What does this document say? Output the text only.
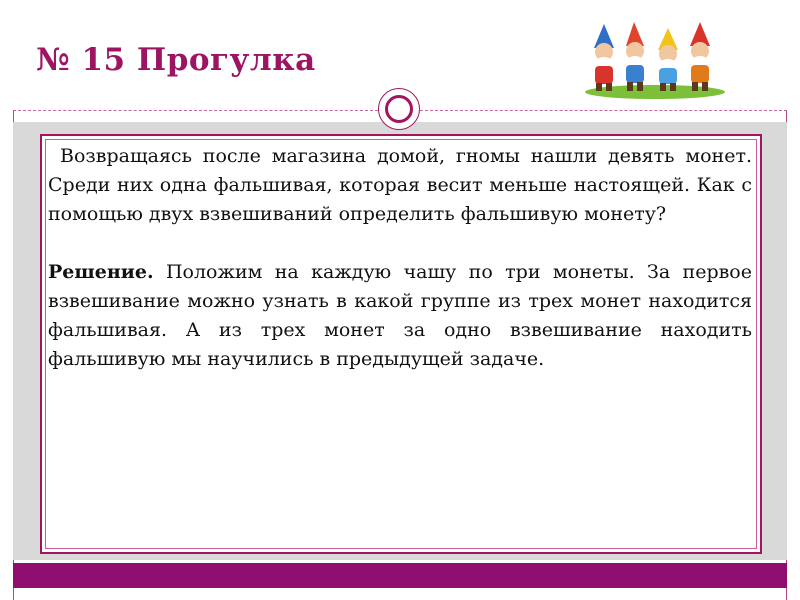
№ 15 Прогулка

Возвращаясь после магазина домой, гномы нашли девять монет. Среди них одна фальшивая, которая весит меньше настоящей. Как с помощью двух взвешиваний определить фальшивую монету?

Решение. Положим на каждую чашу по три монеты. За первое взвешивание можно узнать в какой группе из трех монет находится фальшивая. А из трех монет за одно взвешивание находить фальшивую мы научились в предыдущей задаче.
